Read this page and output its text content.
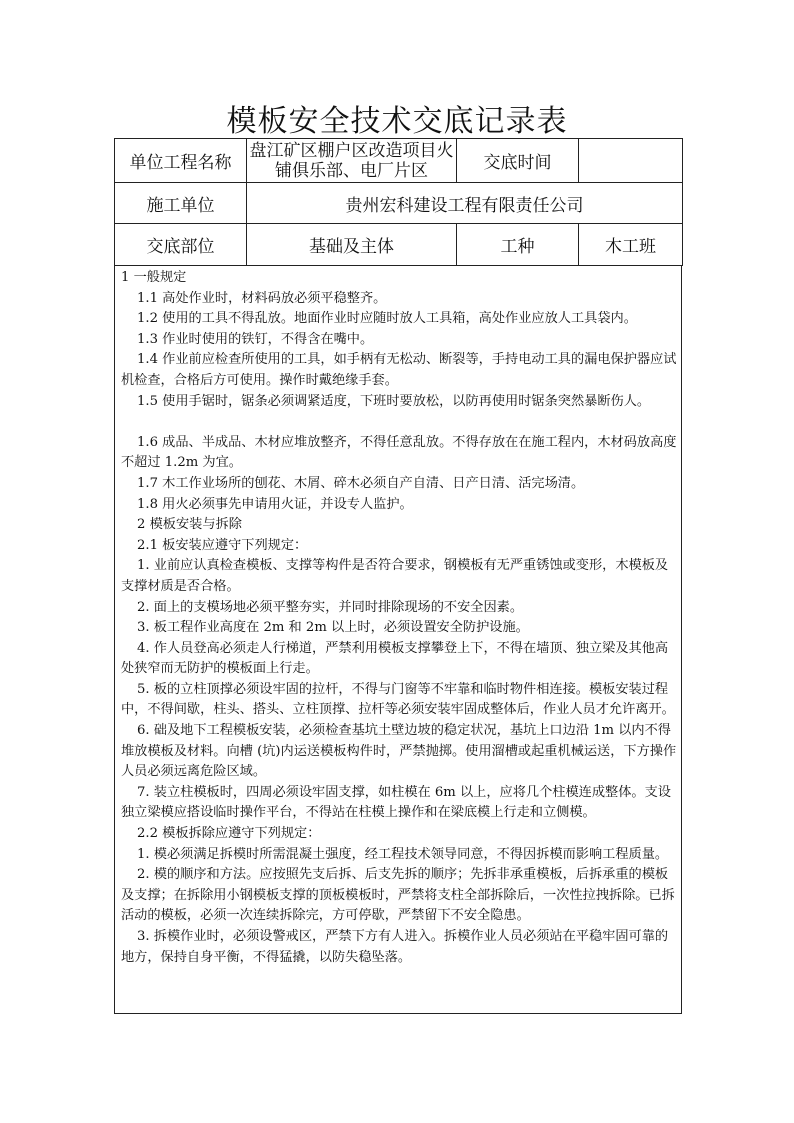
模板安全技术交底记录表
单位工程名称	盘江矿区棚户区改造项目火铺俱乐部、电厂片区	交底时间	
施工单位	贵州宏科建设工程有限责任公司		
交底部位	基础及主体	工种	木工班

1 一般规定

1.1 高处作业时，材料码放必须平稳整齐。

1.2 使用的工具不得乱放。地面作业时应随时放人工具箱，高处作业应放人工具袋内。

1.3 作业时使用的铁钉，不得含在嘴中。

1.4 作业前应检查所使用的工具，如手柄有无松动、断裂等，手持电动工具的漏电保护器应试机检查，合格后方可使用。操作时戴绝缘手套。

1.5 使用手锯时，锯条必须调紧适度，下班时要放松，以防再使用时锯条突然暴断伤人。

1.6 成品、半成品、木材应堆放整齐，不得任意乱放。不得存放在在施工程内，木材码放高度不超过 1.2m 为宜。

1.7 木工作业场所的刨花、木屑、碎木必须自产自清、日产日清、活完场清。

1.8 用火必须事先申请用火证，并设专人监护。

2 模板安装与拆除

2.1 板安装应遵守下列规定：

1. 业前应认真检查模板、支撑等构件是否符合要求，钢模板有无严重锈蚀或变形，木模板及支撑材质是否合格。

2. 面上的支模场地必须平整夯实，并同时排除现场的不安全因素。

3. 板工程作业高度在 2m 和 2m 以上时，必须设置安全防护设施。

4. 作人员登高必须走人行梯道，严禁利用模板支撑攀登上下，不得在墙顶、独立梁及其他高处狭窄而无防护的模板面上行走。

5. 板的立柱顶撑必须设牢固的拉杆，不得与门窗等不牢靠和临时物件相连接。模板安装过程中，不得间歇，柱头、搭头、立柱顶撑、拉杆等必须安装牢固成整体后，作业人员才允许离开。

6. 础及地下工程模板安装，必须检查基坑土壁边坡的稳定状况，基坑上口边沿 1m 以内不得堆放模板及材料。向槽 (坑)内运送模板构件时，严禁抛掷。使用溜槽或起重机械运送，下方操作人员必须远离危险区域。

7. 装立柱模板时，四周必须设牢固支撑，如柱模在 6m 以上，应将几个柱模连成整体。支设独立梁模应搭设临时操作平台，不得站在柱模上操作和在梁底模上行走和立侧模。

2.2 模板拆除应遵守下列规定：

1. 模必须满足拆模时所需混凝土强度，经工程技术领导同意，不得因拆模而影响工程质量。

2. 模的顺序和方法。应按照先支后拆、后支先拆的顺序；先拆非承重模板，后拆承重的模板及支撑；在拆除用小钢模板支撑的顶板模板时，严禁将支柱全部拆除后，一次性拉拽拆除。已拆活动的模板，必须一次连续拆除完，方可停歇，严禁留下不安全隐患。

3. 拆模作业时，必须设警戒区，严禁下方有人进入。拆模作业人员必须站在平稳牢固可靠的地方，保持自身平衡，不得猛撬，以防失稳坠落。
